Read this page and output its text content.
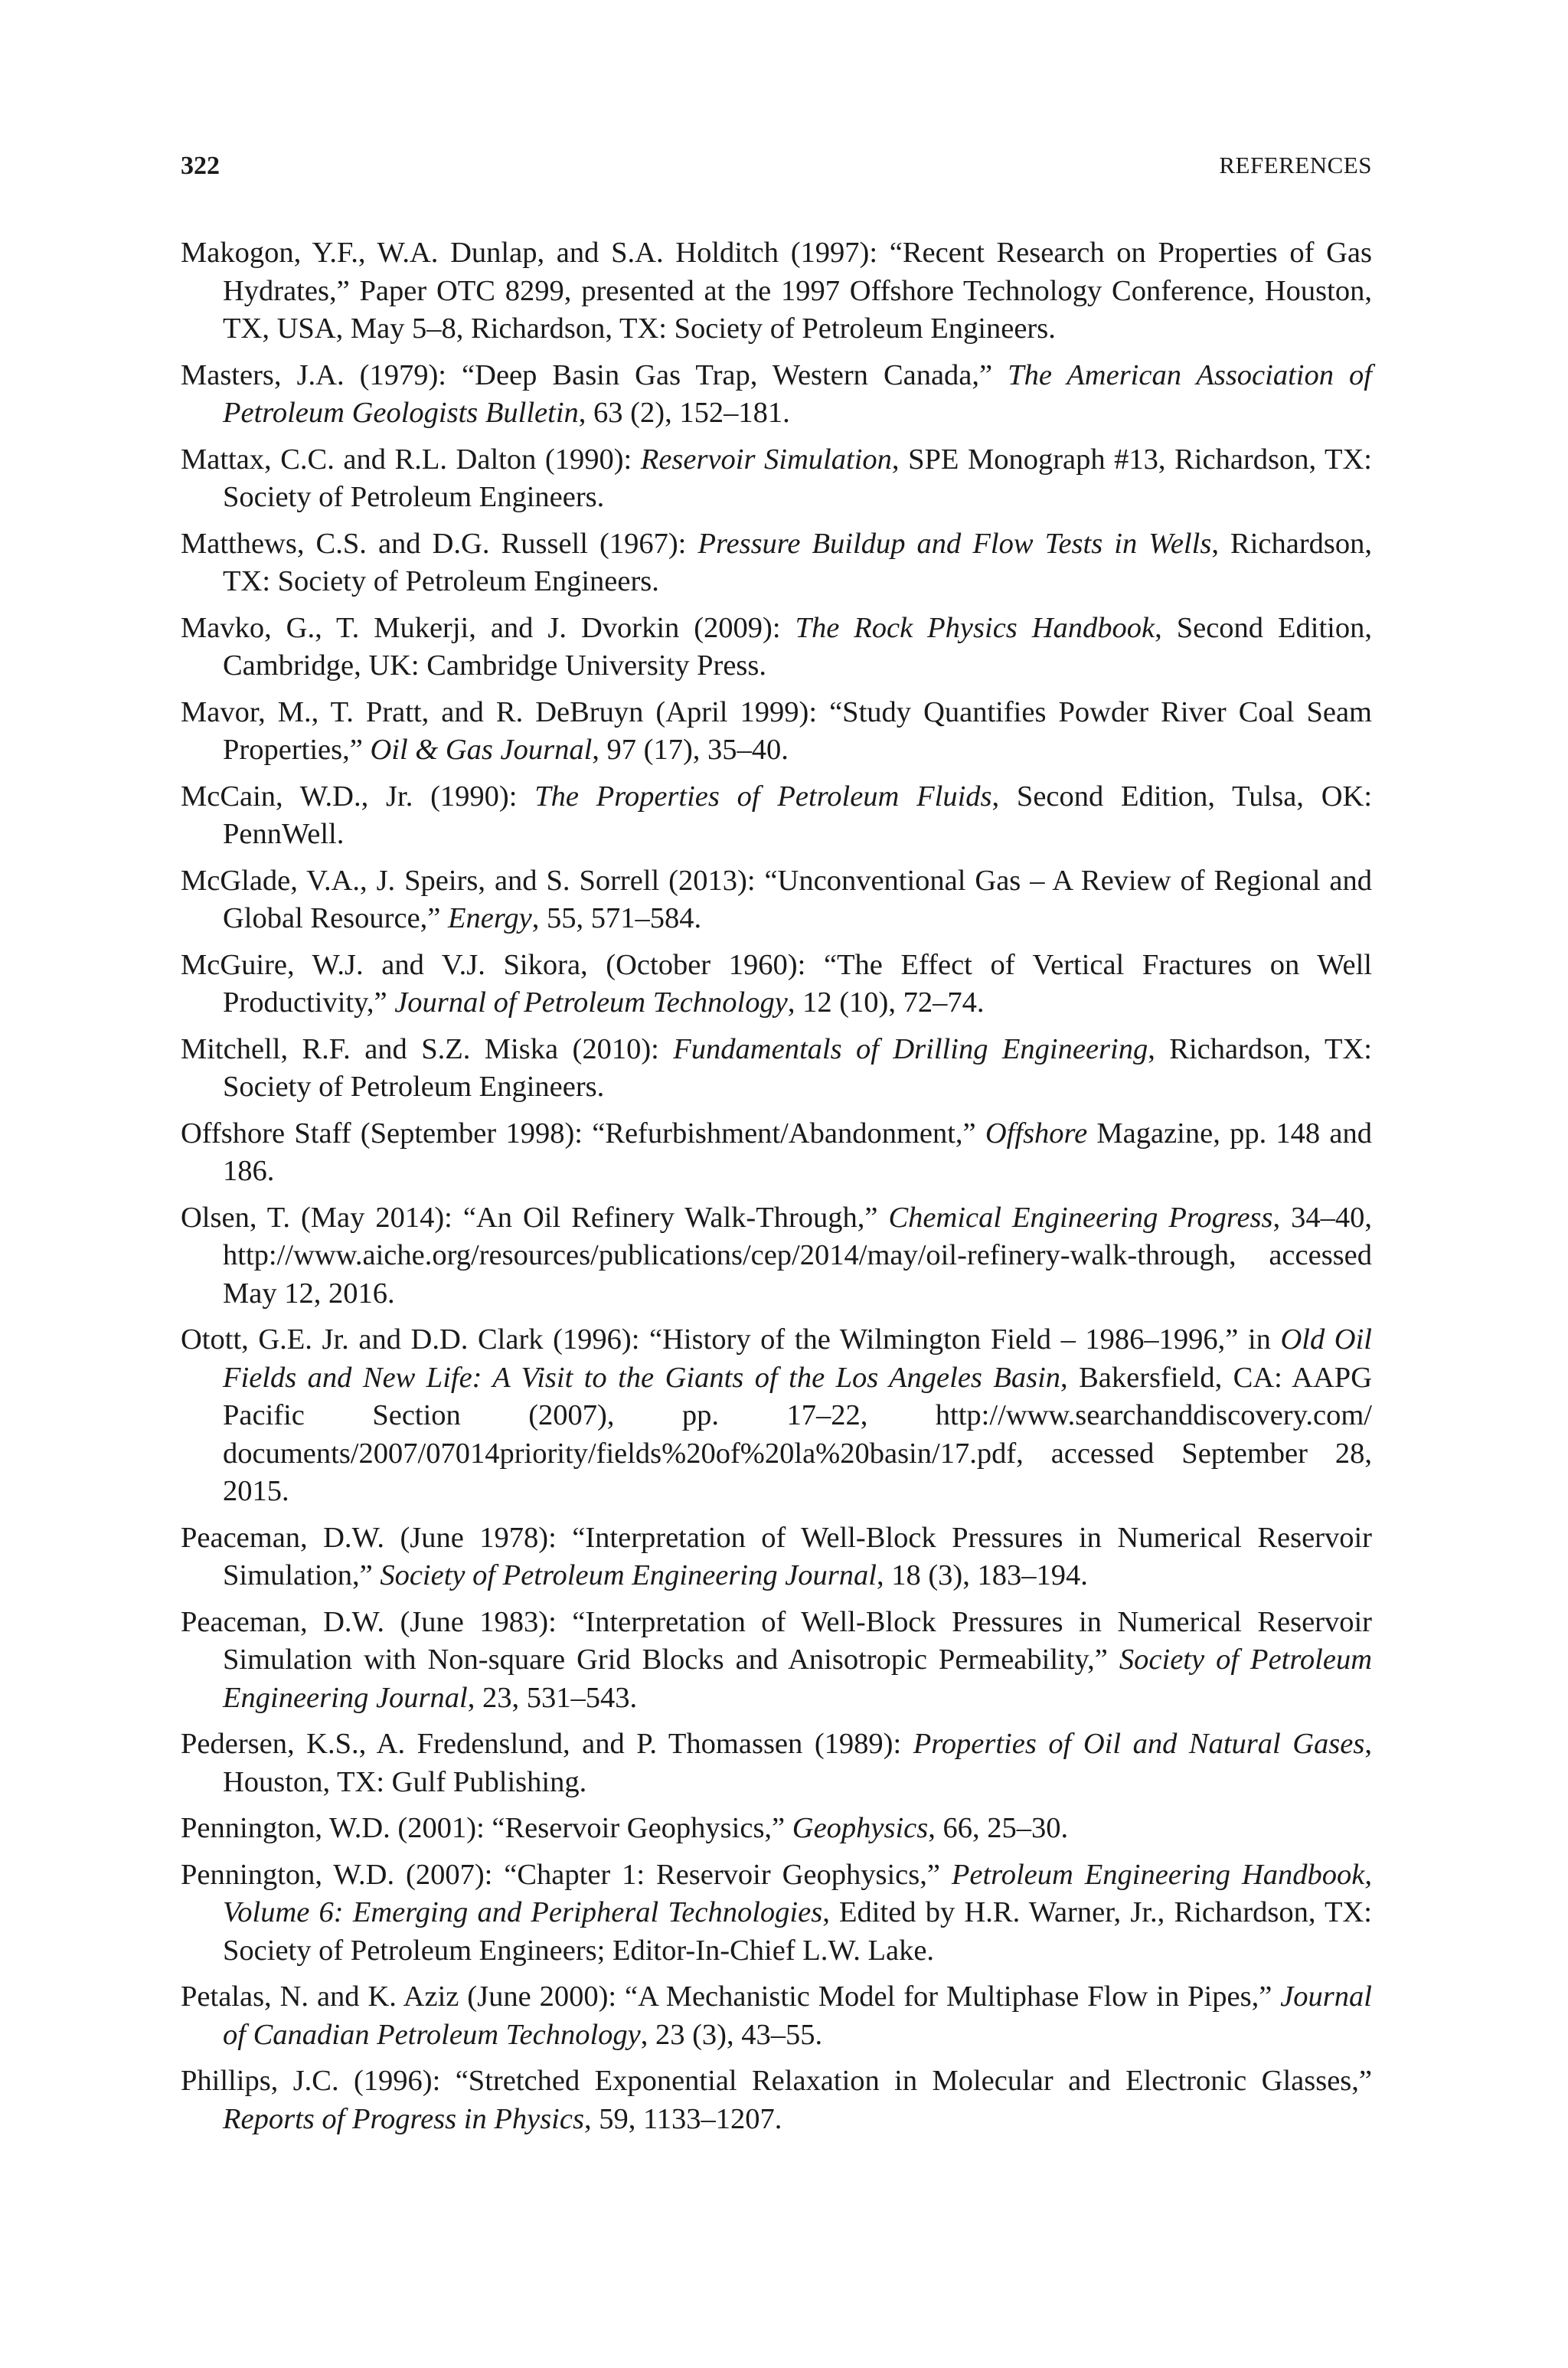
322	REFERENCES
Makogon, Y.F., W.A. Dunlap, and S.A. Holditch (1997): “Recent Research on Properties of Gas Hydrates,” Paper OTC 8299, presented at the 1997 Offshore Technology Conference, Houston, TX, USA, May 5–8, Richardson, TX: Society of Petroleum Engineers.
Masters, J.A. (1979): “Deep Basin Gas Trap, Western Canada,” The American Association of Petroleum Geologists Bulletin, 63 (2), 152–181.
Mattax, C.C. and R.L. Dalton (1990): Reservoir Simulation, SPE Monograph #13, Richardson, TX: Society of Petroleum Engineers.
Matthews, C.S. and D.G. Russell (1967): Pressure Buildup and Flow Tests in Wells, Richardson, TX: Society of Petroleum Engineers.
Mavko, G., T. Mukerji, and J. Dvorkin (2009): The Rock Physics Handbook, Second Edition, Cambridge, UK: Cambridge University Press.
Mavor, M., T. Pratt, and R. DeBruyn (April 1999): “Study Quantifies Powder River Coal Seam Properties,” Oil & Gas Journal, 97 (17), 35–40.
McCain, W.D., Jr. (1990): The Properties of Petroleum Fluids, Second Edition, Tulsa, OK: PennWell.
McGlade, V.A., J. Speirs, and S. Sorrell (2013): “Unconventional Gas – A Review of Regional and Global Resource,” Energy, 55, 571–584.
McGuire, W.J. and V.J. Sikora, (October 1960): “The Effect of Vertical Fractures on Well Productivity,” Journal of Petroleum Technology, 12 (10), 72–74.
Mitchell, R.F. and S.Z. Miska (2010): Fundamentals of Drilling Engineering, Richardson, TX: Society of Petroleum Engineers.
Offshore Staff (September 1998): “Refurbishment/Abandonment,” Offshore Magazine, pp. 148 and 186.
Olsen, T. (May 2014): “An Oil Refinery Walk-Through,” Chemical Engineering Progress, 34–40, http://www.aiche.org/resources/publications/cep/2014/may/oil-refinery-walk-through, accessed May 12, 2016.
Otott, G.E. Jr. and D.D. Clark (1996): “History of the Wilmington Field – 1986–1996,” in Old Oil Fields and New Life: A Visit to the Giants of the Los Angeles Basin, Bakersfield, CA: AAPG Pacific Section (2007), pp. 17–22, http://www.searchanddiscovery.com/ documents/2007/07014priority/fields%20of%20la%20basin/17.pdf, accessed September 28, 2015.
Peaceman, D.W. (June 1978): “Interpretation of Well-Block Pressures in Numerical Reservoir Simulation,” Society of Petroleum Engineering Journal, 18 (3), 183–194.
Peaceman, D.W. (June 1983): “Interpretation of Well-Block Pressures in Numerical Reservoir Simulation with Non-square Grid Blocks and Anisotropic Permeability,” Society of Petroleum Engineering Journal, 23, 531–543.
Pedersen, K.S., A. Fredenslund, and P. Thomassen (1989): Properties of Oil and Natural Gases, Houston, TX: Gulf Publishing.
Pennington, W.D. (2001): “Reservoir Geophysics,” Geophysics, 66, 25–30.
Pennington, W.D. (2007): “Chapter 1: Reservoir Geophysics,” Petroleum Engineering Handbook, Volume 6: Emerging and Peripheral Technologies, Edited by H.R. Warner, Jr., Richardson, TX: Society of Petroleum Engineers; Editor-In-Chief L.W. Lake.
Petalas, N. and K. Aziz (June 2000): “A Mechanistic Model for Multiphase Flow in Pipes,” Journal of Canadian Petroleum Technology, 23 (3), 43–55.
Phillips, J.C. (1996): “Stretched Exponential Relaxation in Molecular and Electronic Glasses,” Reports of Progress in Physics, 59, 1133–1207.
